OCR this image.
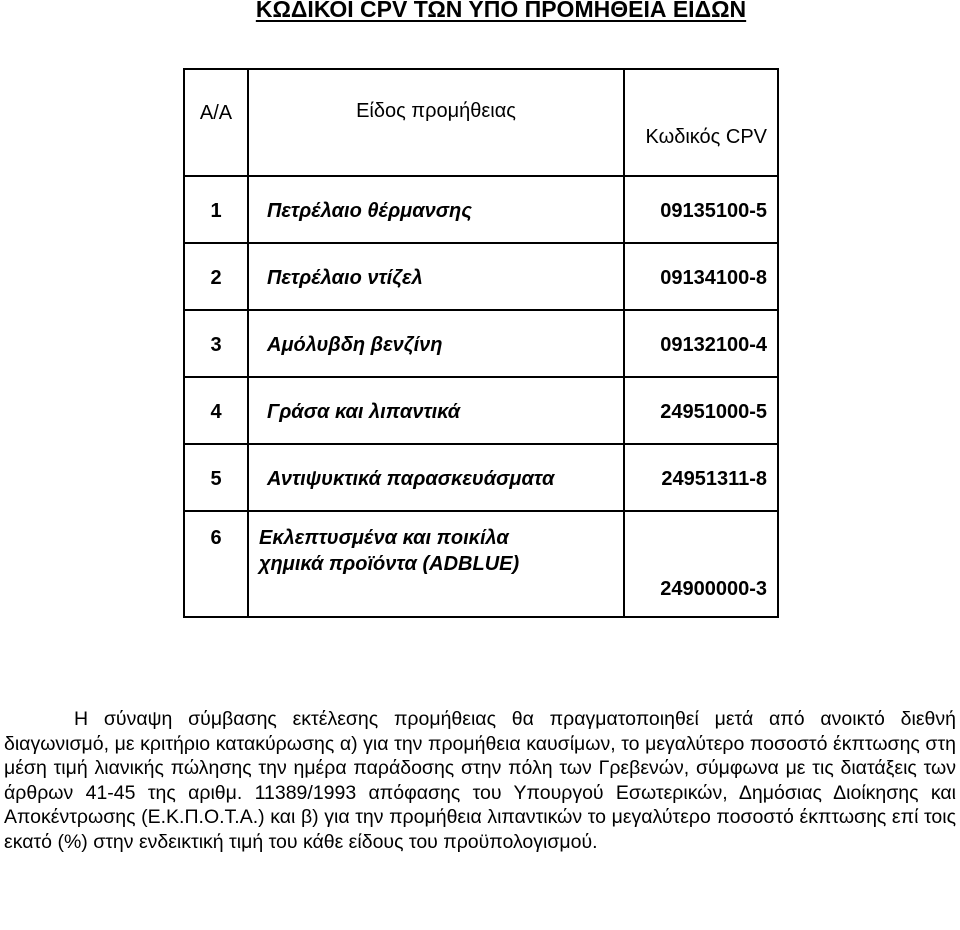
ΚΩΔΙΚΟΙ CPV ΤΩΝ ΥΠΟ ΠΡΟΜΗΘΕΙΑ ΕΙΔΩΝ
Α/Α	Είδος προμήθειας	Κωδικός CPV
1	Πετρέλαιο θέρμανσης	09135100-5
2	Πετρέλαιο ντίζελ	09134100-8
3	Αμόλυβδη βενζίνη	09132100-4
4	Γράσα και λιπαντικά	24951000-5
5	Αντιψυκτικά παρασκευάσματα	24951311-8
6	Εκλεπτυσμένα και ποικίλα
χημικά προϊόντα (ADBLUE)	24900000-3

Η σύναψη σύμβασης εκτέλεσης προμήθειας θα πραγματοποιηθεί μετά από ανοικτό διεθνή διαγωνισμό, με κριτήριο κατακύρωσης α) για την προμήθεια καυσίμων, το μεγαλύτερο ποσοστό έκπτωσης στη μέση τιμή λιανικής πώλησης την ημέρα παράδοσης στην πόλη των Γρεβενών, σύμφωνα με τις διατάξεις των άρθρων 41-45 της αριθμ. 11389/1993 απόφασης του Υπουργού Εσωτερικών, Δημόσιας Διοίκησης και Αποκέντρωσης (Ε.Κ.Π.Ο.Τ.Α.) και β) για την προμήθεια λιπαντικών το μεγαλύτερο ποσοστό έκπτωσης επί τοις εκατό (%) στην ενδεικτική τιμή του κάθε είδους του προϋπολογισμού.
